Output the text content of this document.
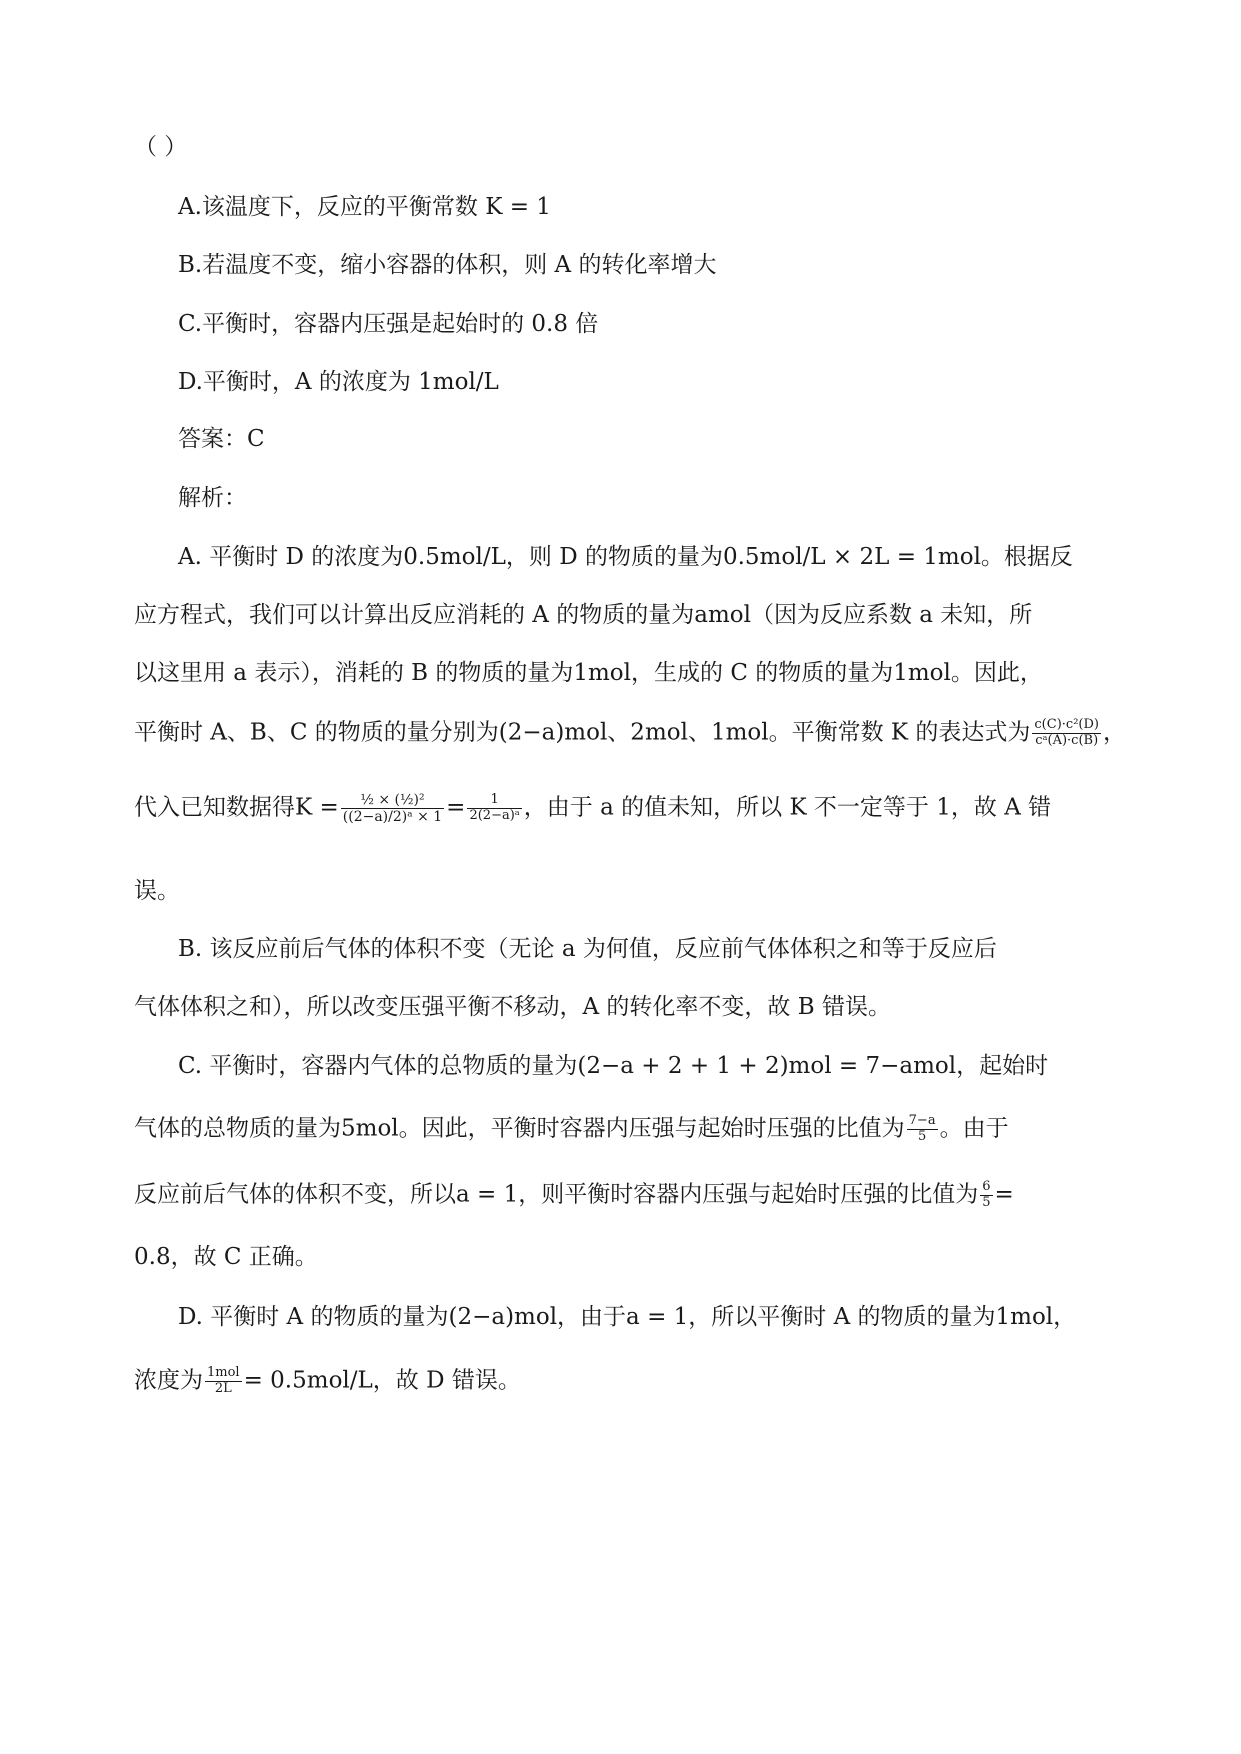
（ ）
A.该温度下，反应的平衡常数 K = 1
B.若温度不变，缩小容器的体积，则 A 的转化率增大
C.平衡时，容器内压强是起始时的 0.8 倍
D.平衡时，A 的浓度为 1mol/L
答案：C
解析：
A. 平衡时 D 的浓度为0.5mol/L，则 D 的物质的量为0.5mol/L × 2L = 1mol。根据反
应方程式，我们可以计算出反应消耗的 A 的物质的量为amol（因为反应系数 a 未知，所
以这里用 a 表示），消耗的 B 的物质的量为1mol，生成的 C 的物质的量为1mol。因此，
平衡时 A、B、C 的物质的量分别为(2−a)mol、2mol、1mol。平衡常数 K 的表达式为 $\frac{\text{c(C)·c²(D)}}{\text{cᵃ(A)·c(B)}}$ ，
代入已知数据得$K = \frac{\text{½ × (½)²}}{\text{((2−a)/2)ᵃ × 1}} = \frac{1}{\text{2(2−a)ᵃ}}$ ，由于 a 的值未知，所以 K 不一定等于 1，故 A 错
误。
B. 该反应前后气体的体积不变（无论 a 为何值，反应前气体体积之和等于反应后
气体体积之和），所以改变压强平衡不移动，A 的转化率不变，故 B 错误。
C. 平衡时，容器内气体的总物质的量为(2−a + 2 + 1 + 2)mol = 7−amol，起始时
气体的总物质的量为5mol。因此，平衡时容器内压强与起始时压强的比值为 $\frac{7-a}{5}$ 。由于
反应前后气体的体积不变，所以a = 1，则平衡时容器内压强与起始时压强的比值为 $\frac{6}{5}$ =
0.8，故 C 正确。
D. 平衡时 A 的物质的量为(2−a)mol，由于a = 1，所以平衡时 A 的物质的量为1mol，
浓度为 $\frac{\text{1mol}}{2L} = 0.5mol/L$，故 D 错误。
